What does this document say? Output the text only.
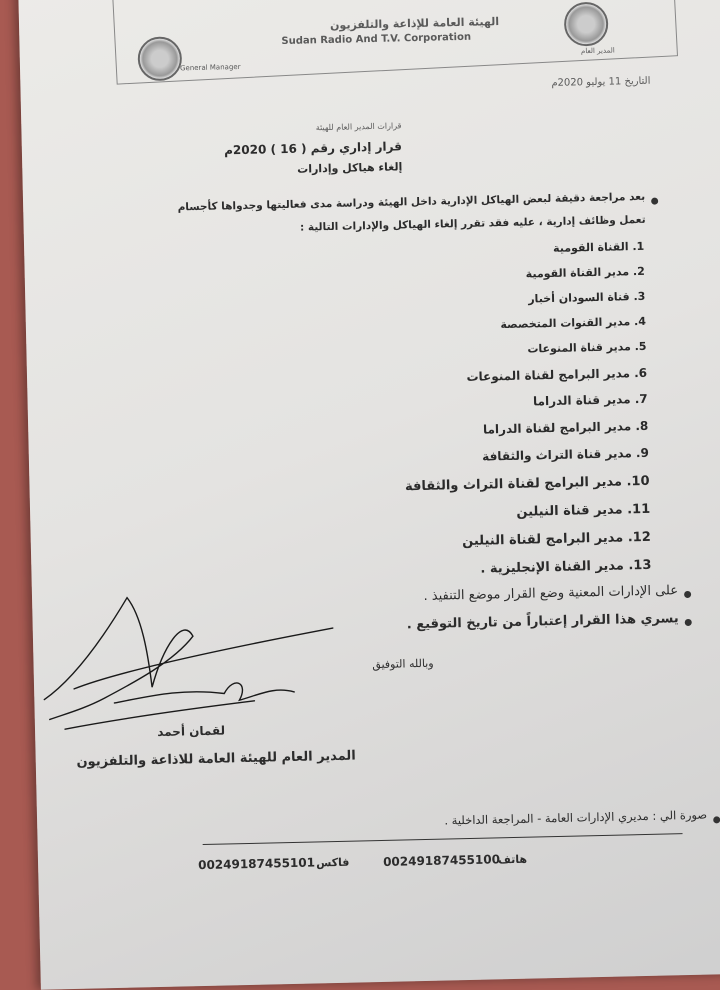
General Manager
الهيئة العامة للإذاعة والتلفزيون
Sudan Radio And T.V. Corporation
المدير العام
التاريخ 11 يوليو 2020م
قرارات المدير العام للهيئة
قرار إداري رقم ( 16 ) 2020م
إلغاء هياكل وإدارات
بعد مراجعة دقيقة لبعض الهياكل الإدارية داخل الهيئة ودراسة مدى فعاليتها وجدواها كأجسام
تعمل وظائف إدارية ، عليه فقد تقرر إلغاء الهياكل والإدارات التالية :
1. القناة القومية
2. مدير القناة القومية
3. قناة السودان أخبار
4. مدير القنوات المتخصصة
5. مدير قناة المنوعات
6. مدير البرامج لقناة المنوعات
7. مدير قناة الدراما
8. مدير البرامج لقناة الدراما
9. مدير قناة التراث والثقافة
10. مدير البرامج لقناة التراث والثقافة
11. مدير قناة النيلين
12. مدير البرامج لقناة النيلين
13. مدير القناة الإنجليزية .
على الإدارات المعنية وضع القرار موضع التنفيذ .
يسري هذا القرار إعتباراً من تاريخ التوقيع .
وبالله التوفيق
لقمان أحمد
المدير العام للهيئة العامة للاذاعة والتلفزيون
صورة الي : مديري الإدارات العامة - المراجعة الداخلية .
00249187455100
هاتف
00249187455101 فاكس
